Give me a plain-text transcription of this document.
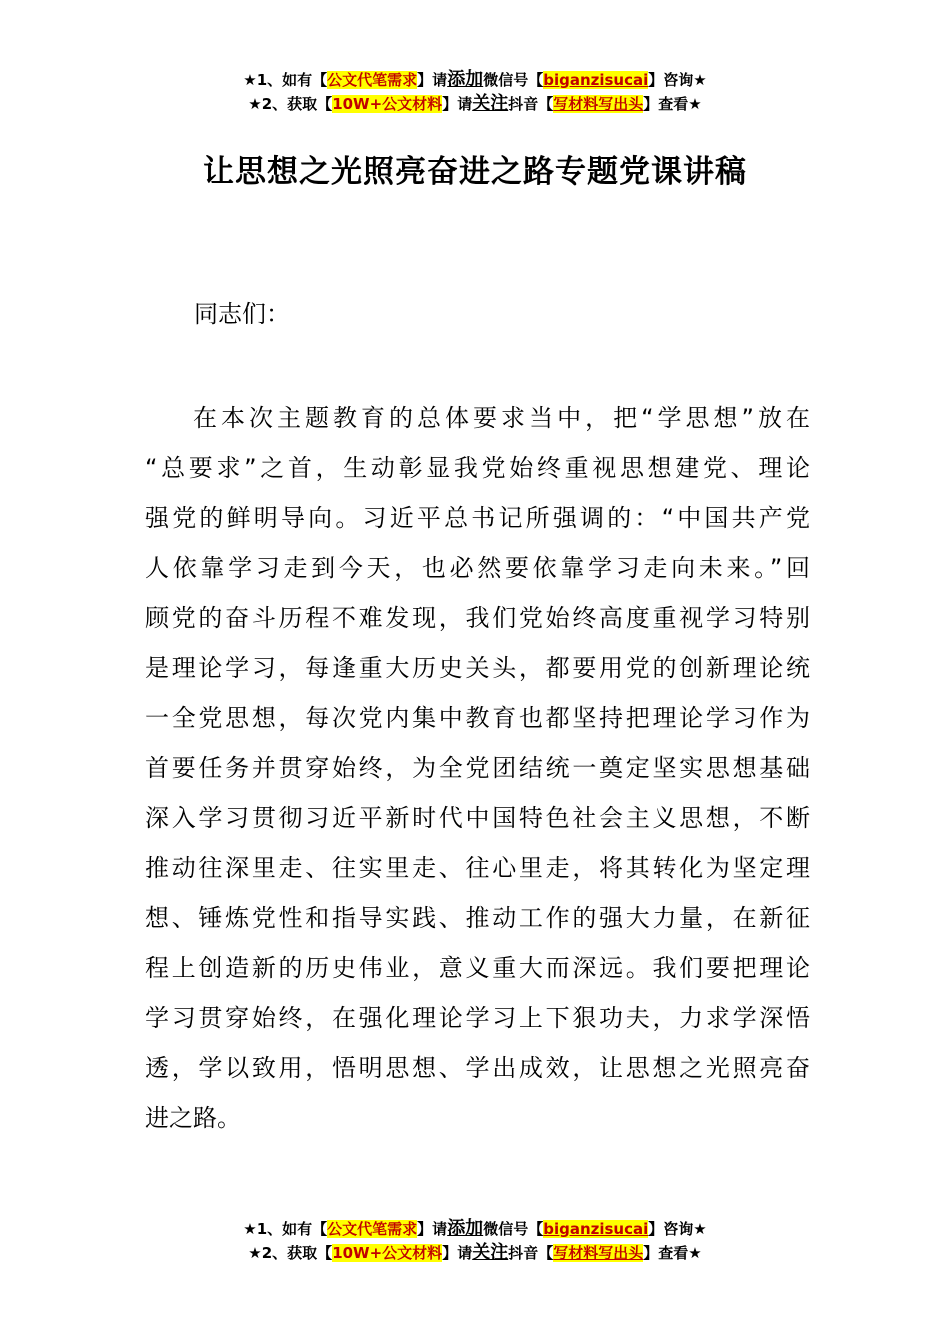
★1、如有【公文代笔需求】请添加微信号【biganzisucai】咨询★
★2、获取【10W+公文材料】请关注抖音【写材料写出头】查看★
让思想之光照亮奋进之路专题党课讲稿
同志们：
在本次主题教育的总体要求当中，把“学思想”放在
“总要求”之首，生动彰显我党始终重视思想建党、理论
强党的鲜明导向。习近平总书记所强调的：“中国共产党
人依靠学习走到今天，也必然要依靠学习走向未来。”回
顾党的奋斗历程不难发现，我们党始终高度重视学习特别
是理论学习，每逢重大历史关头，都要用党的创新理论统
一全党思想，每次党内集中教育也都坚持把理论学习作为
首要任务并贯穿始终，为全党团结统一奠定坚实思想基础
深入学习贯彻习近平新时代中国特色社会主义思想，不断
推动往深里走、往实里走、往心里走，将其转化为坚定理
想、锤炼党性和指导实践、推动工作的强大力量，在新征
程上创造新的历史伟业，意义重大而深远。我们要把理论
学习贯穿始终，在强化理论学习上下狠功夫，力求学深悟
透，学以致用，悟明思想、学出成效，让思想之光照亮奋
进之路。
★1、如有【公文代笔需求】请添加微信号【biganzisucai】咨询★
★2、获取【10W+公文材料】请关注抖音【写材料写出头】查看★
